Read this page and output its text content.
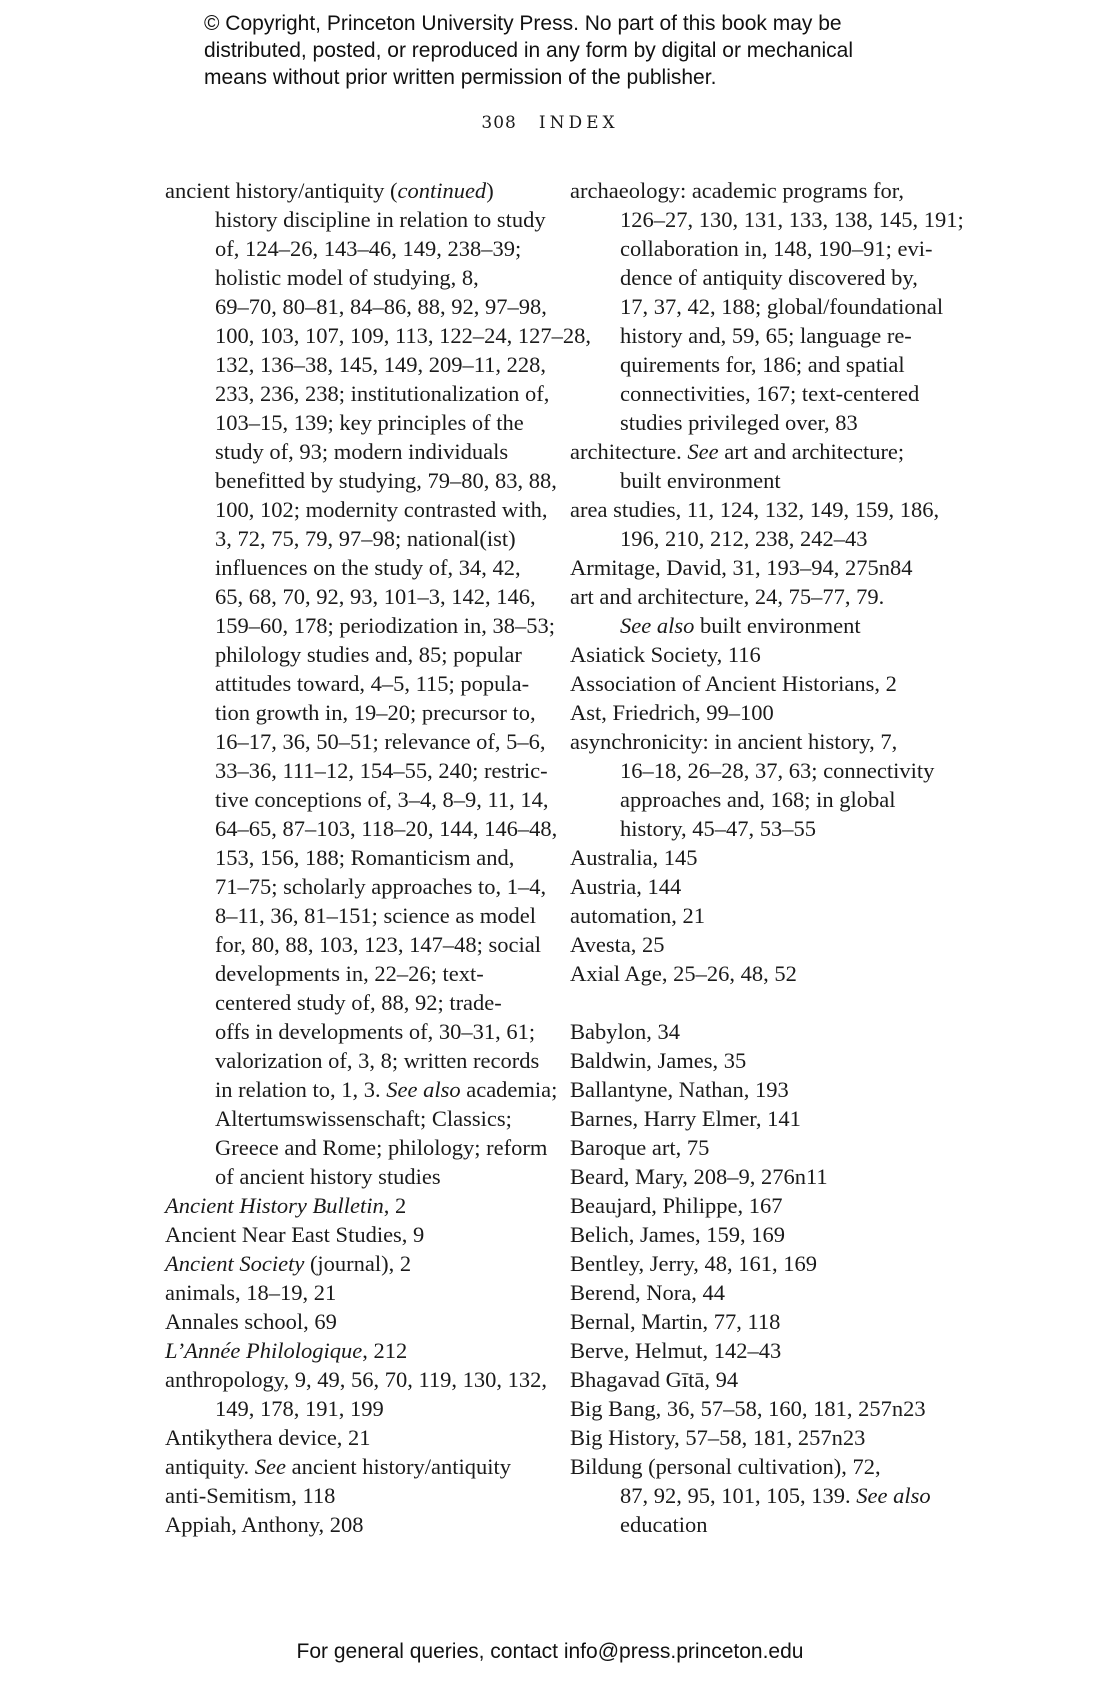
© Copyright, Princeton University Press. No part of this book may be
distributed, posted, or reproduced in any form by digital or mechanical
means without prior written permission of the publisher.
308 INDEX
ancient history/antiquity (continued)
history discipline in relation to study
of, 124–26, 143–46, 149, 238–39;
holistic model of studying, 8,
69–70, 80–81, 84–86, 88, 92, 97–98,
100, 103, 107, 109, 113, 122–24, 127–28,
132, 136–38, 145, 149, 209–11, 228,
233, 236, 238; institutionalization of,
103–15, 139; key principles of the
study of, 93; modern individuals
benefitted by studying, 79–80, 83, 88,
100, 102; modernity contrasted with,
3, 72, 75, 79, 97–98; national(ist)
influences on the study of, 34, 42,
65, 68, 70, 92, 93, 101–3, 142, 146,
159–60, 178; periodization in, 38–53;
philology studies and, 85; popular
attitudes toward, 4–5, 115; popula-
tion growth in, 19–20; precursor to,
16–17, 36, 50–51; relevance of, 5–6,
33–36, 111–12, 154–55, 240; restric-
tive conceptions of, 3–4, 8–9, 11, 14,
64–65, 87–103, 118–20, 144, 146–48,
153, 156, 188; Romanticism and,
71–75; scholarly approaches to, 1–4,
8–11, 36, 81–151; science as model
for, 80, 88, 103, 123, 147–48; social
developments in, 22–26; text-
centered study of, 88, 92; trade-
offs in developments of, 30–31, 61;
valorization of, 3, 8; written records
in relation to, 1, 3. See also academia;
Altertumswissenschaft; Classics;
Greece and Rome; philology; reform
of ancient history studies
Ancient History Bulletin, 2
Ancient Near East Studies, 9
Ancient Society (journal), 2
animals, 18–19, 21
Annales school, 69
L’Année Philologique, 212
anthropology, 9, 49, 56, 70, 119, 130, 132,
149, 178, 191, 199
Antikythera device, 21
antiquity. See ancient history/antiquity
anti-Semitism, 118
Appiah, Anthony, 208
archaeology: academic programs for,
126–27, 130, 131, 133, 138, 145, 191;
collaboration in, 148, 190–91; evi-
dence of antiquity discovered by,
17, 37, 42, 188; global/foundational
history and, 59, 65; language re-
quirements for, 186; and spatial
connectivities, 167; text-centered
studies privileged over, 83
architecture. See art and architecture;
built environment
area studies, 11, 124, 132, 149, 159, 186,
196, 210, 212, 238, 242–43
Armitage, David, 31, 193–94, 275n84
art and architecture, 24, 75–77, 79.
See also built environment
Asiatick Society, 116
Association of Ancient Historians, 2
Ast, Friedrich, 99–100
asynchronicity: in ancient history, 7,
16–18, 26–28, 37, 63; connectivity
approaches and, 168; in global
history, 45–47, 53–55
Australia, 145
Austria, 144
automation, 21
Avesta, 25
Axial Age, 25–26, 48, 52
Babylon, 34
Baldwin, James, 35
Ballantyne, Nathan, 193
Barnes, Harry Elmer, 141
Baroque art, 75
Beard, Mary, 208–9, 276n11
Beaujard, Philippe, 167
Belich, James, 159, 169
Bentley, Jerry, 48, 161, 169
Berend, Nora, 44
Bernal, Martin, 77, 118
Berve, Helmut, 142–43
Bhagavad Gītā, 94
Big Bang, 36, 57–58, 160, 181, 257n23
Big History, 57–58, 181, 257n23
Bildung (personal cultivation), 72,
87, 92, 95, 101, 105, 139. See also
education
For general queries, contact info@press.princeton.edu
